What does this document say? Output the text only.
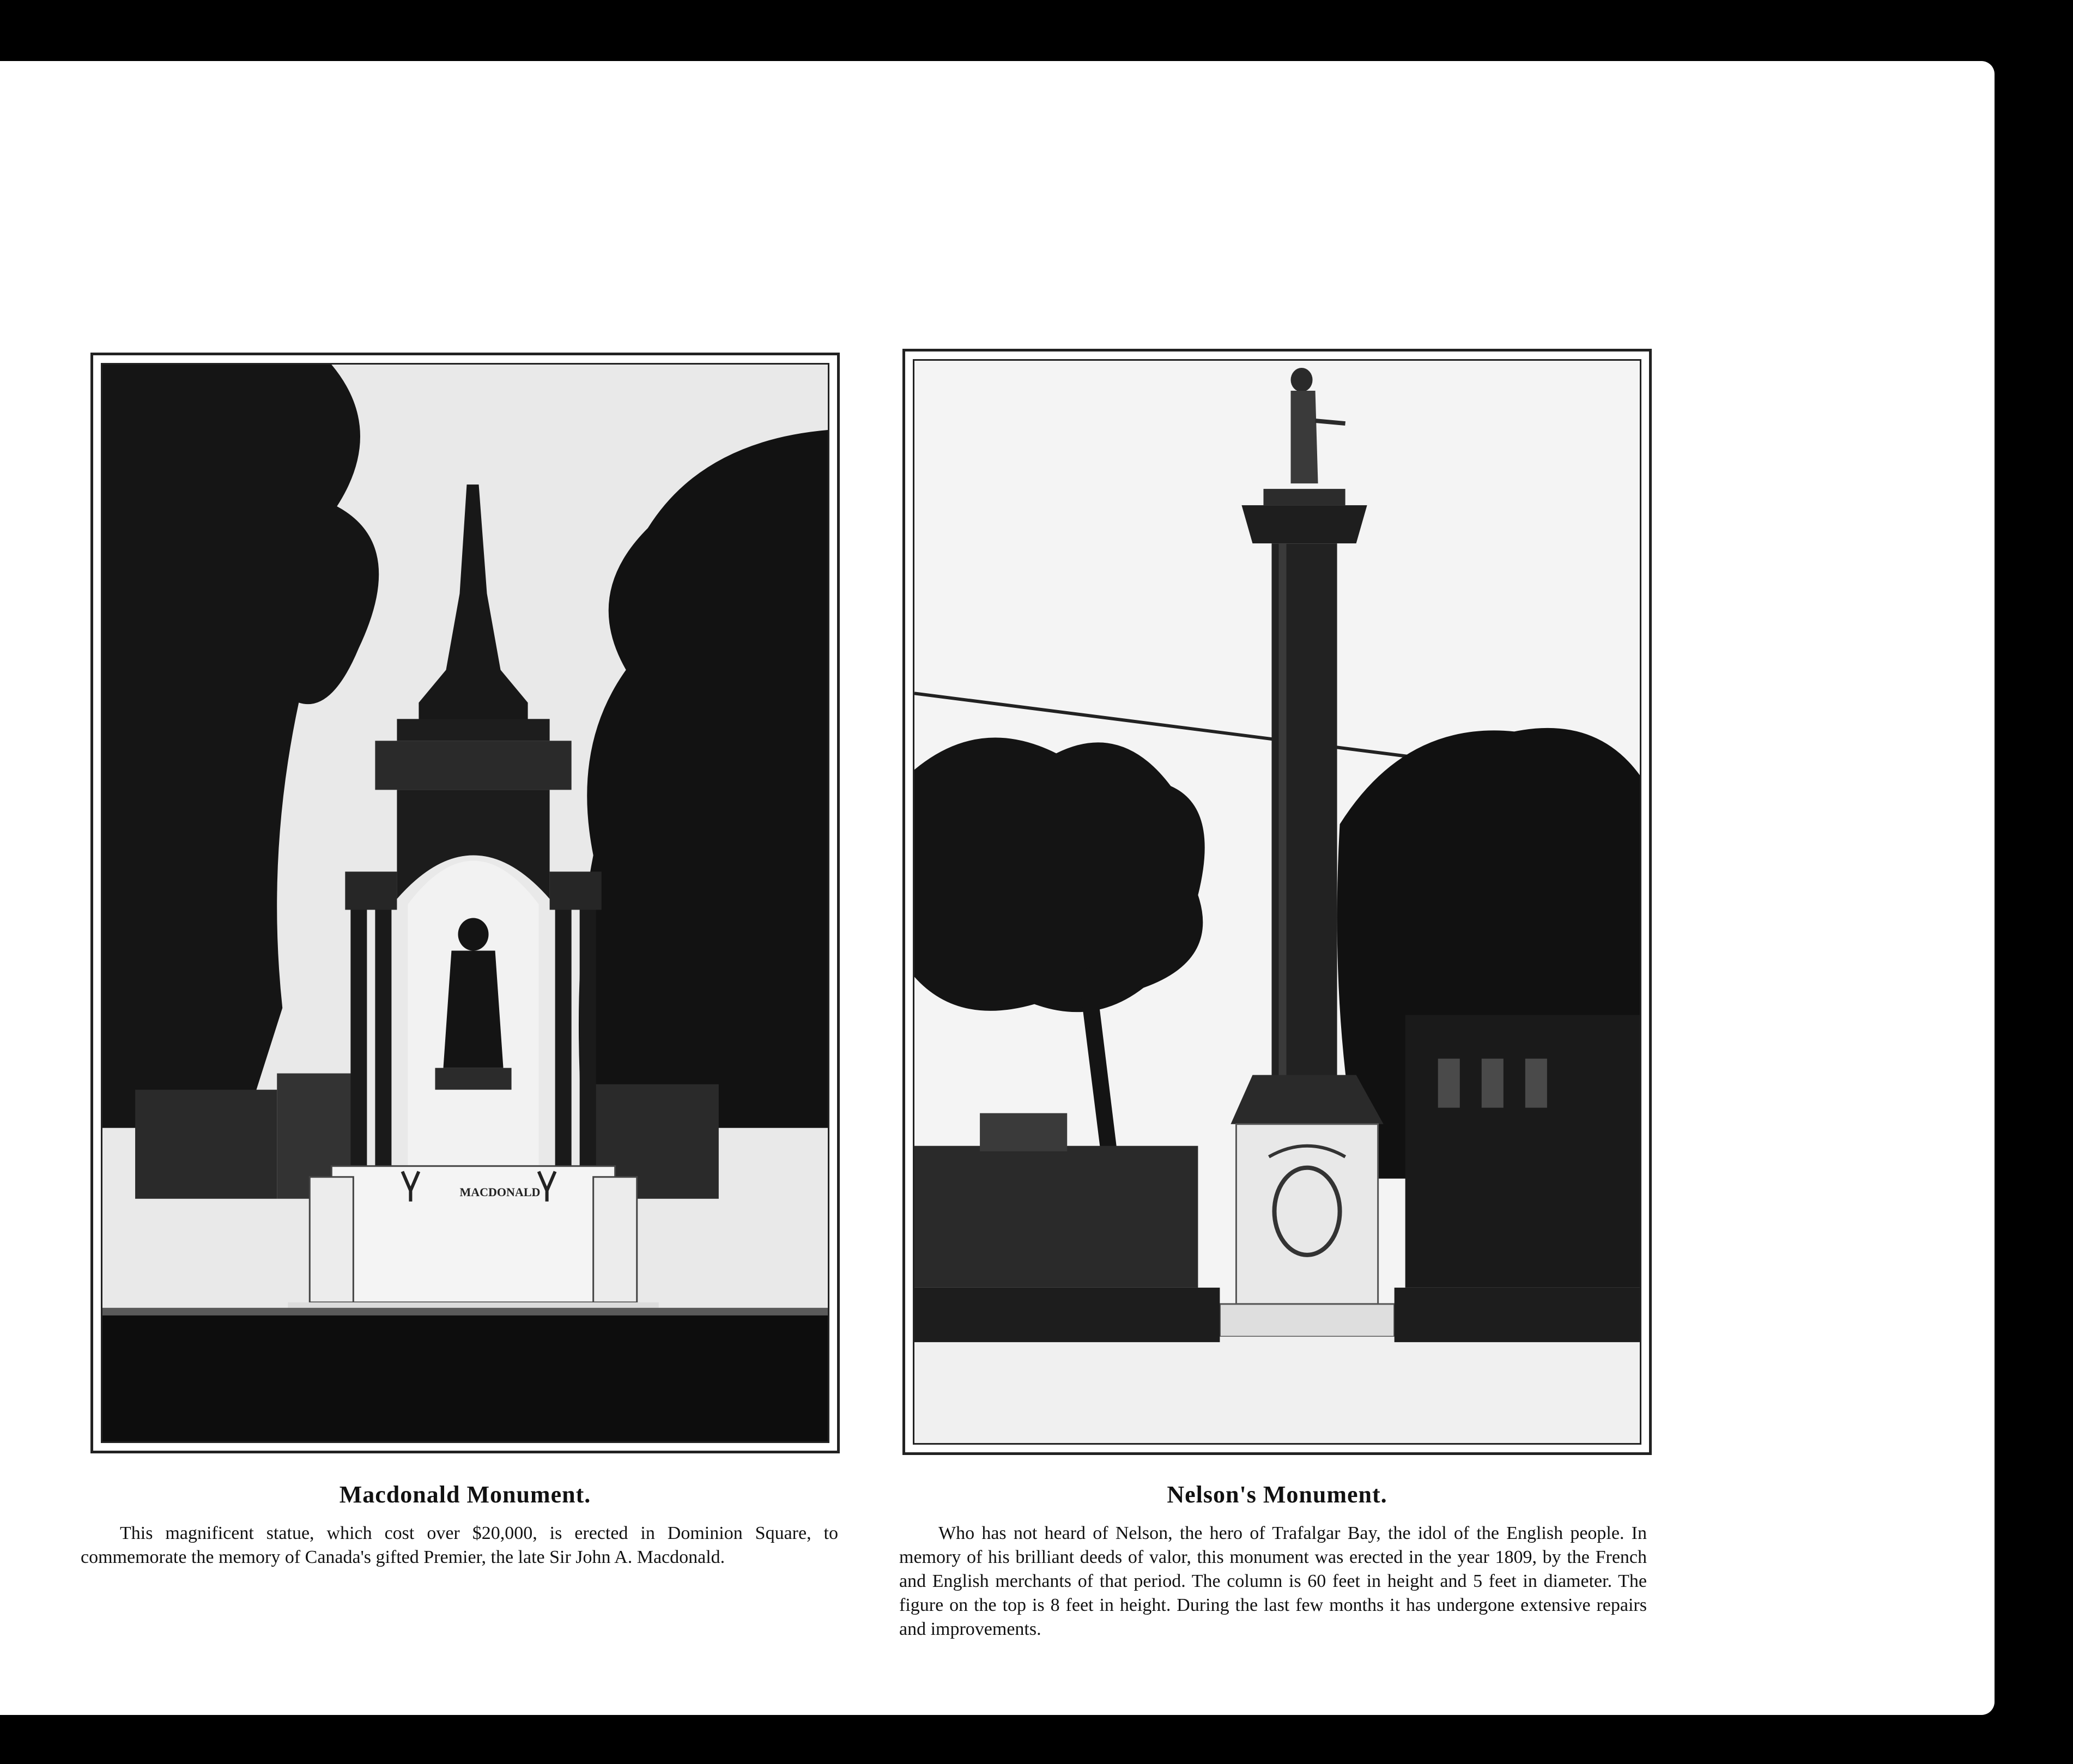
MACDONALD
Macdonald Monument.
This magnificent statue, which cost over $20,000, is erected in Dominion Square, to commemorate the memory of Canada's gifted Premier, the late Sir John A. Macdonald.
Nelson's Monument.
Who has not heard of Nelson, the hero of Trafalgar Bay, the idol of the English people. In memory of his brilliant deeds of valor, this monument was erected in the year 1809, by the French and English merchants of that period. The column is 60 feet in height and 5 feet in diameter. The figure on the top is 8 feet in height. During the last few months it has undergone extensive repairs and improvements.
